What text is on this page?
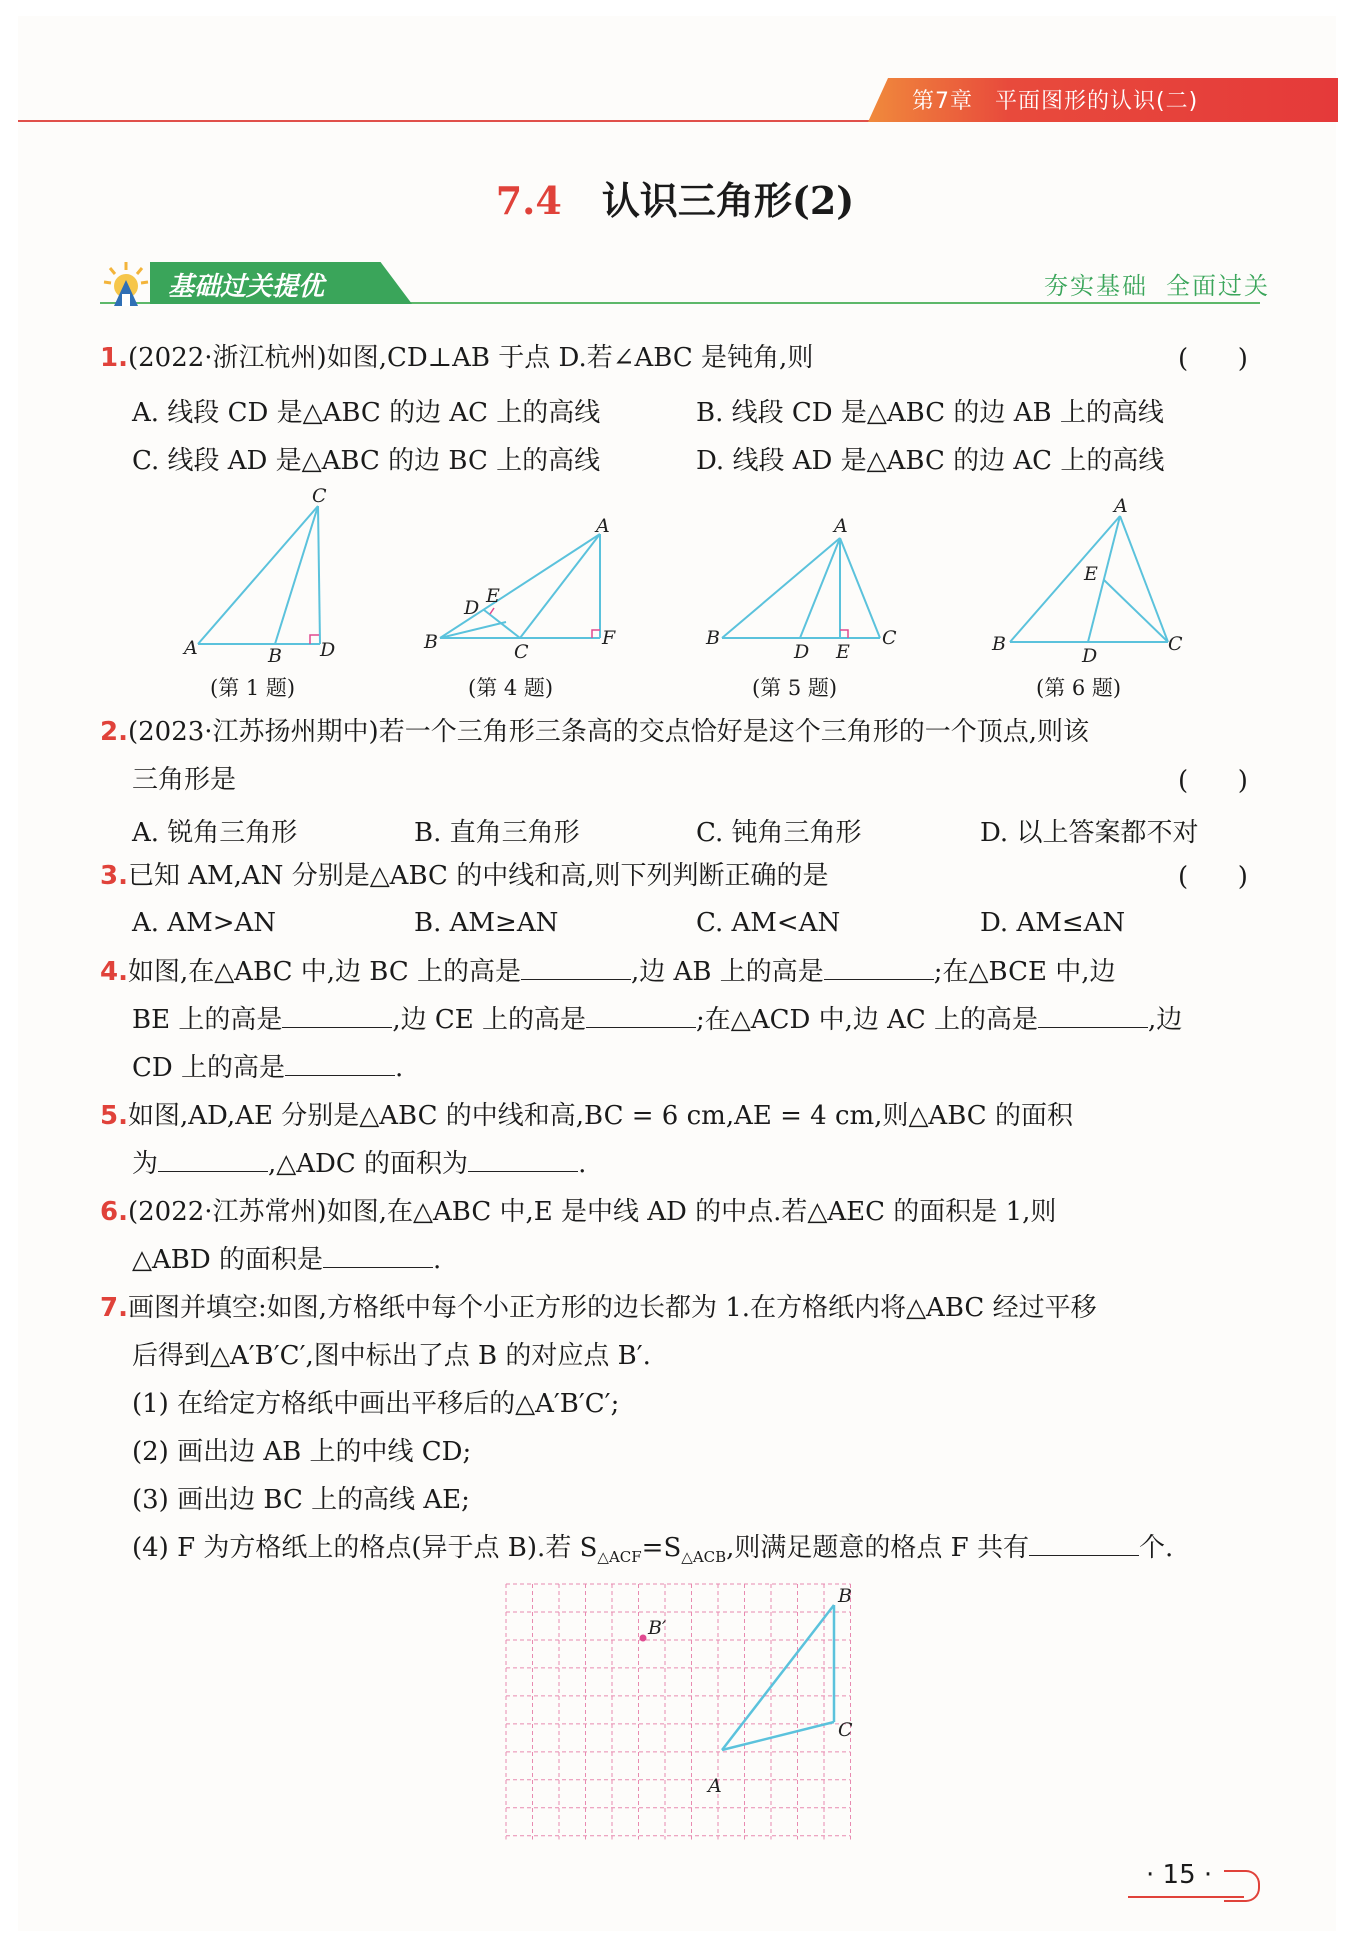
第7章 平面图形的认识(二)
7.4 认识三角形(2)
基础过关提优	夯实基础 全面过关
1.(2022·浙江杭州)如图,CD⊥AB 于点 D.若∠ABC 是钝角,则	(      )
A. 线段 CD 是△ABC 的边 AC 上的高线	B. 线段 CD 是△ABC 的边 AB 上的高线
C. 线段 AD 是△ABC 的边 BC 上的高线	D. 线段 AD 是△ABC 的边 AC 上的高线
C
A	B D
A
B	C
F
D
E
A
B	C
D E
A
B	C
D
E
(第 1 题)	(第 4 题)	(第 5 题)	(第 6 题)
2.(2023·江苏扬州期中)若一个三角形三条高的交点恰好是这个三角形的一个顶点,则该
三角形是	(      )
A. 锐角三角形	B. 直角三角形	C. 钝角三角形	D. 以上答案都不对
3.已知 AM,AN 分别是△ABC 的中线和高,则下列判断正确的是	(      )
A. AM>AN	B. AM≥AN	C. AM<AN	D. AM≤AN
4.如图,在△ABC 中,边 BC 上的高是	,边 AB 上的高是	;在△BCE 中,边
BE 上的高是	,边 CE 上的高是	;在△ACD 中,边 AC 上的高是	,边
CD 上的高是	.
5.如图,AD,AE 分别是△ABC 的中线和高,BC = 6 cm,AE = 4 cm,则△ABC 的面积
为	,△ADC 的面积为	.
6.(2022·江苏常州)如图,在△ABC 中,E 是中线 AD 的中点.若△AEC 的面积是 1,则
△ABD 的面积是	.
7.画图并填空:如图,方格纸中每个小正方形的边长都为 1.在方格纸内将△ABC 经过平移
后得到△A′B′C′,图中标出了点 B 的对应点 B′.
(1) 在给定方格纸中画出平移后的△A′B′C′;
(2) 画出边 AB 上的中线 CD;
(3) 画出边 BC 上的高线 AE;
(4) F 为方格纸上的格点(异于点 B).若 $S_{\triangle ACF}=S_{\triangle ACB}$,则满足题意的格点 F 共有	个.
B
B′
C
A
· 15 ·
